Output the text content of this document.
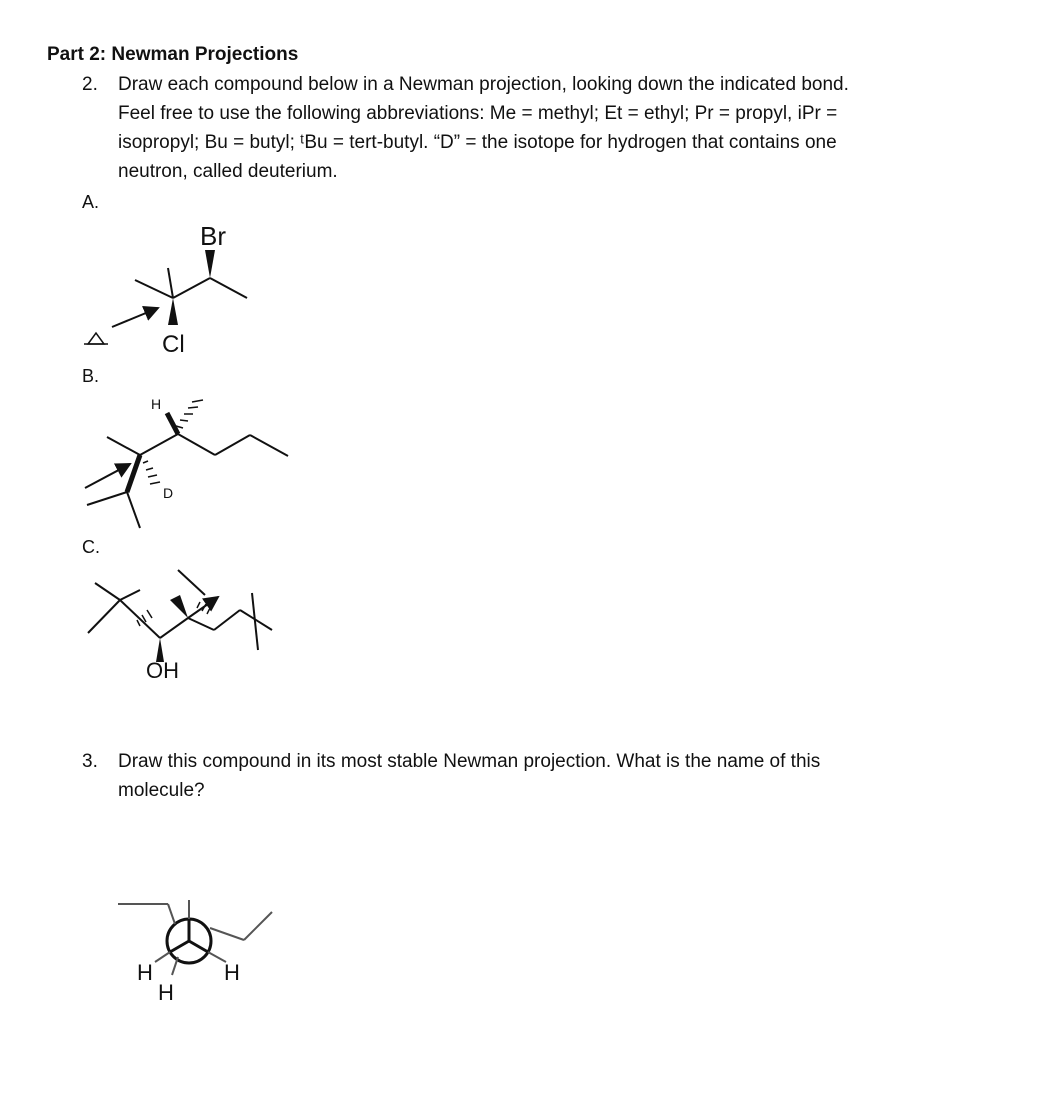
Part 2: Newman Projections
2. Draw each compound below in a Newman projection, looking down the indicated bond.
Feel free to use the following abbreviations: Me = methyl; Et = ethyl; Pr = propyl, iPr =
isopropyl; Bu = butyl; ᵗBu = tert-butyl. “D” = the isotope for hydrogen that contains one
neutron, called deuterium.
A.
B.
C.
Br
Cl
H
D
OH
H
H
H
3. Draw this compound in its most stable Newman projection. What is the name of this
molecule?
